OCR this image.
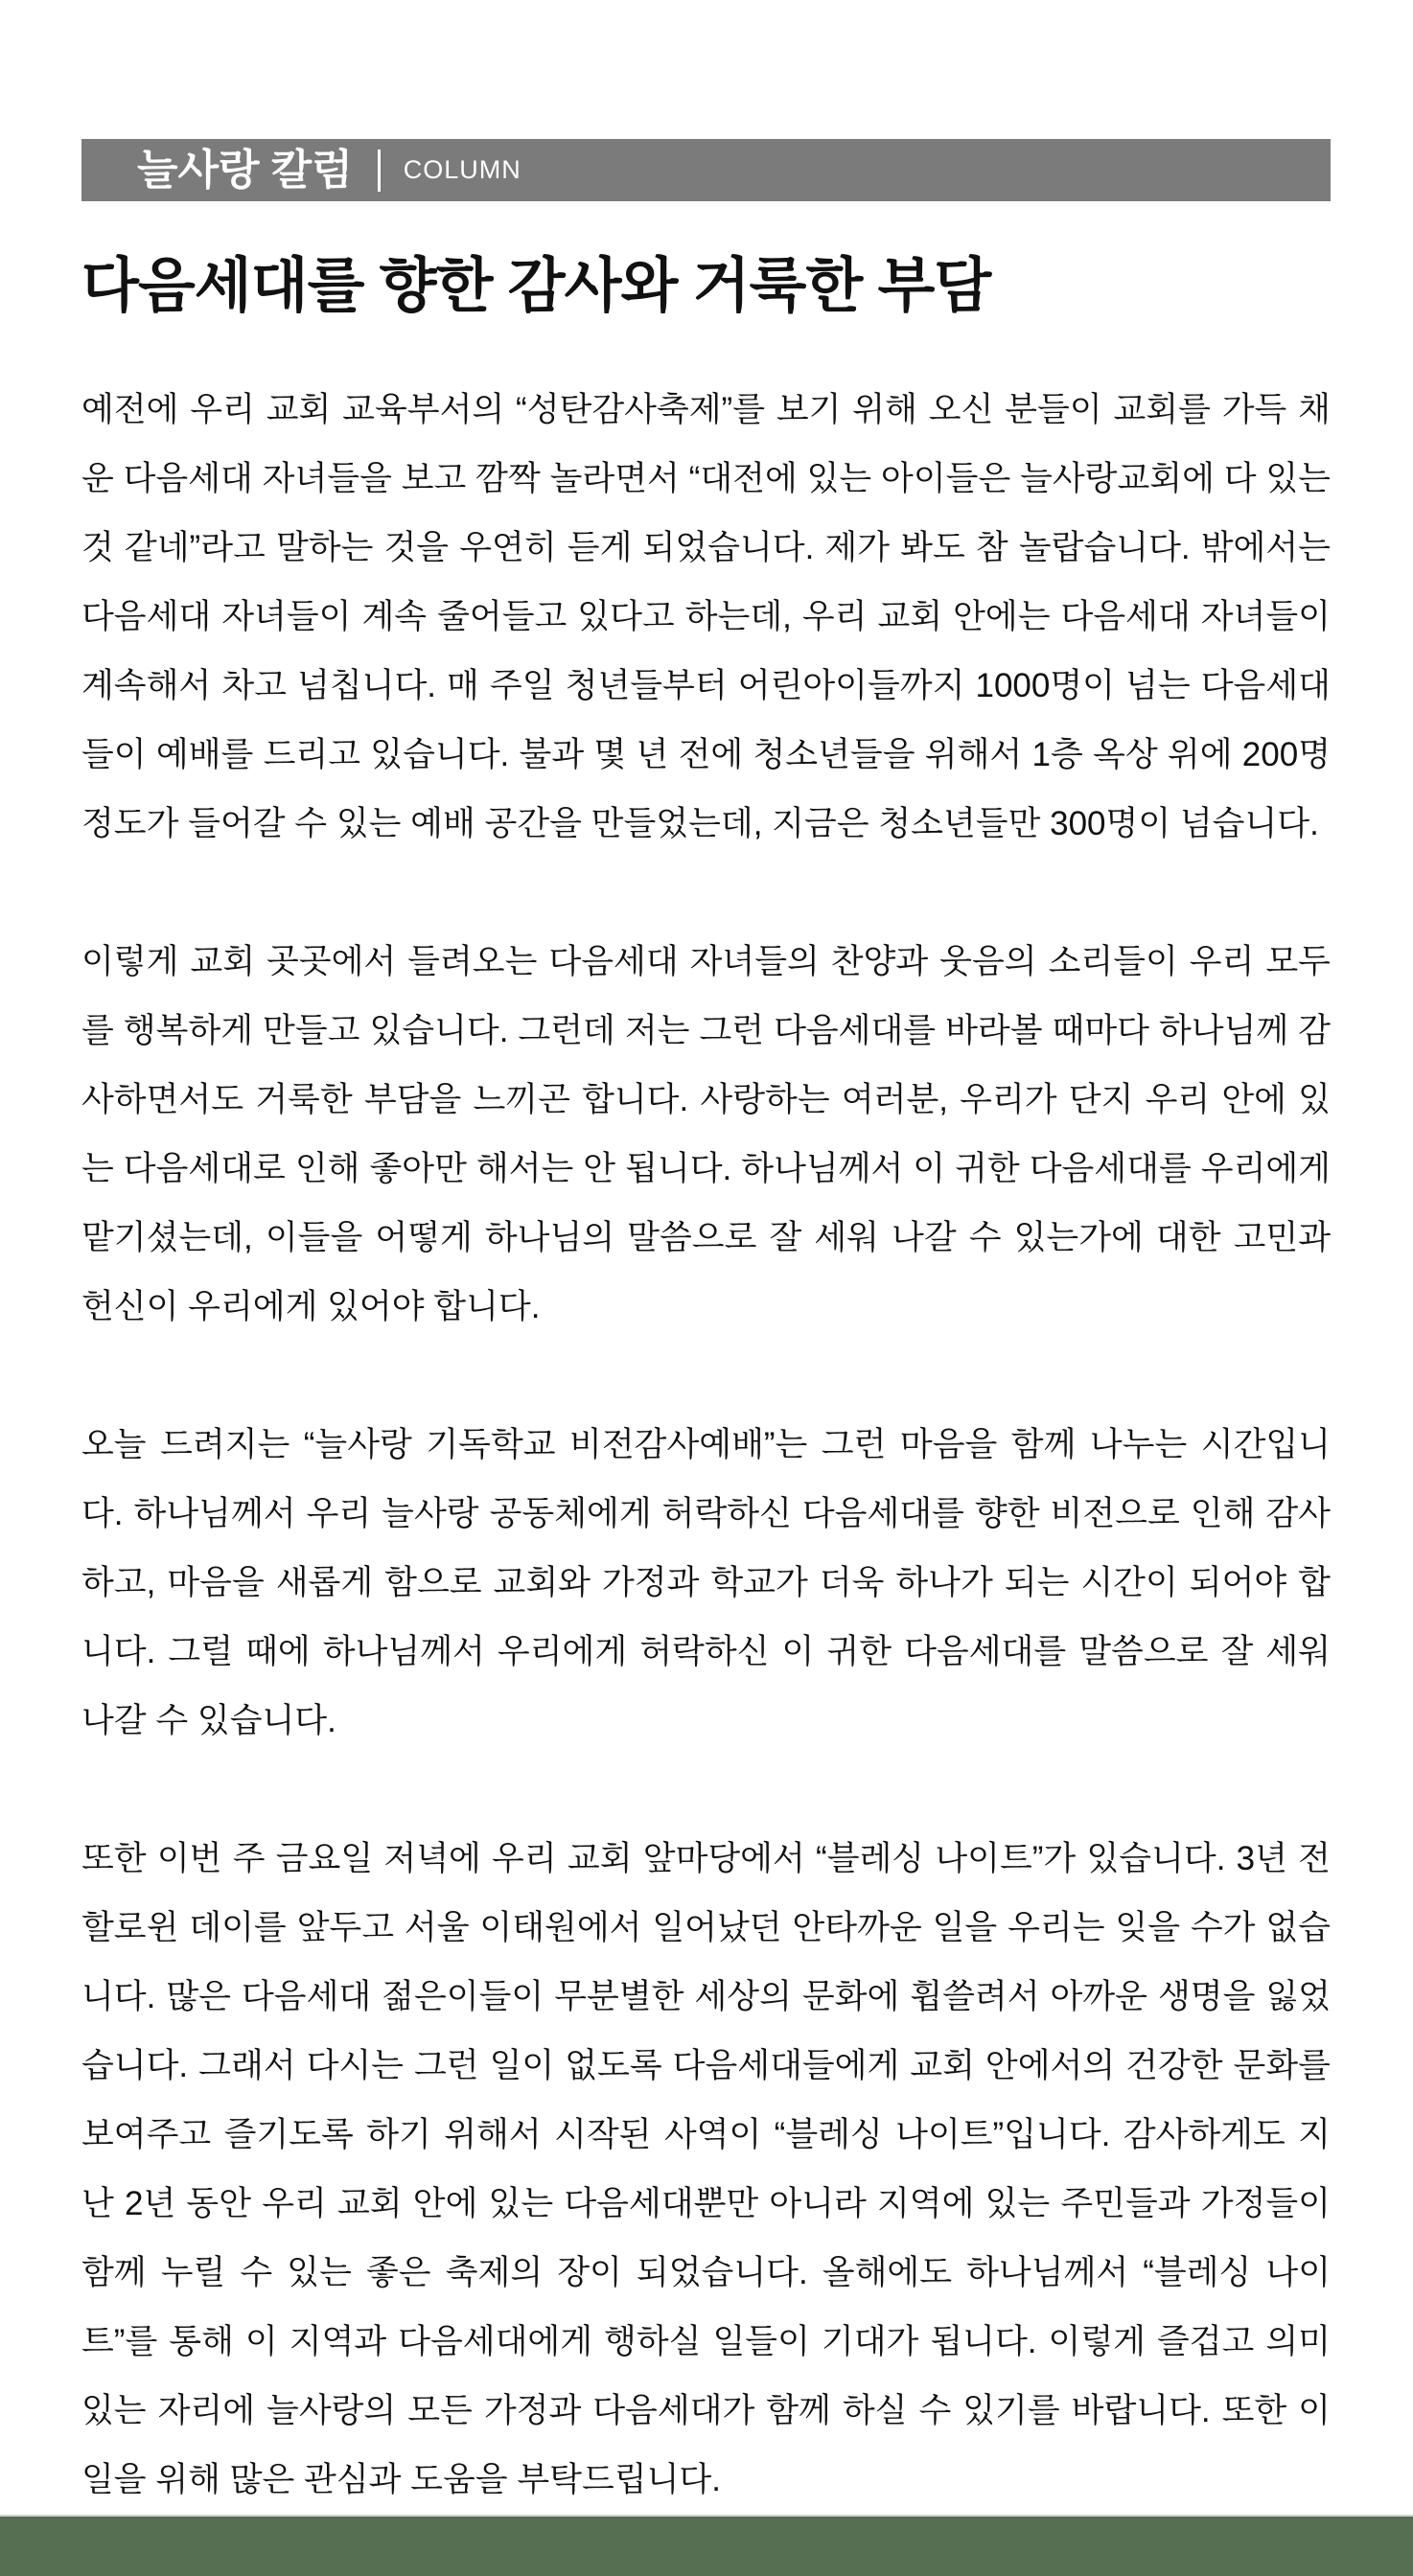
늘사랑 칼럼 COLUMN
다음세대를 향한 감사와 거룩한 부담

예전에 우리 교회 교육부서의 “성탄감사축제”를 보기 위해 오신 분들이 교회를 가득 채운 다음세대 자녀들을 보고 깜짝 놀라면서 “대전에 있는 아이들은 늘사랑교회에 다 있는 것 같네”라고 말하는 것을 우연히 듣게 되었습니다. 제가 봐도 참 놀랍습니다. 밖에서는 다음세대 자녀들이 계속 줄어들고 있다고 하는데, 우리 교회 안에는 다음세대 자녀들이 계속해서 차고 넘칩니다. 매 주일 청년들부터 어린아이들까지 1000명이 넘는 다음세대들이 예배를 드리고 있습니다. 불과 몇 년 전에 청소년들을 위해서 1층 옥상 위에 200명 정도가 들어갈 수 있는 예배 공간을 만들었는데, 지금은 청소년들만 300명이 넘습니다.

이렇게 교회 곳곳에서 들려오는 다음세대 자녀들의 찬양과 웃음의 소리들이 우리 모두를 행복하게 만들고 있습니다. 그런데 저는 그런 다음세대를 바라볼 때마다 하나님께 감사하면서도 거룩한 부담을 느끼곤 합니다. 사랑하는 여러분, 우리가 단지 우리 안에 있는 다음세대로 인해 좋아만 해서는 안 됩니다. 하나님께서 이 귀한 다음세대를 우리에게 맡기셨는데, 이들을 어떻게 하나님의 말씀으로 잘 세워 나갈 수 있는가에 대한 고민과 헌신이 우리에게 있어야 합니다.

오늘 드려지는 “늘사랑 기독학교 비전감사예배”는 그런 마음을 함께 나누는 시간입니다. 하나님께서 우리 늘사랑 공동체에게 허락하신 다음세대를 향한 비전으로 인해 감사하고, 마음을 새롭게 함으로 교회와 가정과 학교가 더욱 하나가 되는 시간이 되어야 합니다. 그럴 때에 하나님께서 우리에게 허락하신 이 귀한 다음세대를 말씀으로 잘 세워 나갈 수 있습니다.

또한 이번 주 금요일 저녁에 우리 교회 앞마당에서 “블레싱 나이트”가 있습니다. 3년 전 할로윈 데이를 앞두고 서울 이태원에서 일어났던 안타까운 일을 우리는 잊을 수가 없습니다. 많은 다음세대 젊은이들이 무분별한 세상의 문화에 휩쓸려서 아까운 생명을 잃었습니다. 그래서 다시는 그런 일이 없도록 다음세대들에게 교회 안에서의 건강한 문화를 보여주고 즐기도록 하기 위해서 시작된 사역이 “블레싱 나이트”입니다. 감사하게도 지난 2년 동안 우리 교회 안에 있는 다음세대뿐만 아니라 지역에 있는 주민들과 가정들이 함께 누릴 수 있는 좋은 축제의 장이 되었습니다. 올해에도 하나님께서 “블레싱 나이트”를 통해 이 지역과 다음세대에게 행하실 일들이 기대가 됩니다. 이렇게 즐겁고 의미 있는 자리에 늘사랑의 모든 가정과 다음세대가 함께 하실 수 있기를 바랍니다. 또한 이 일을 위해 많은 관심과 도움을 부탁드립니다.
